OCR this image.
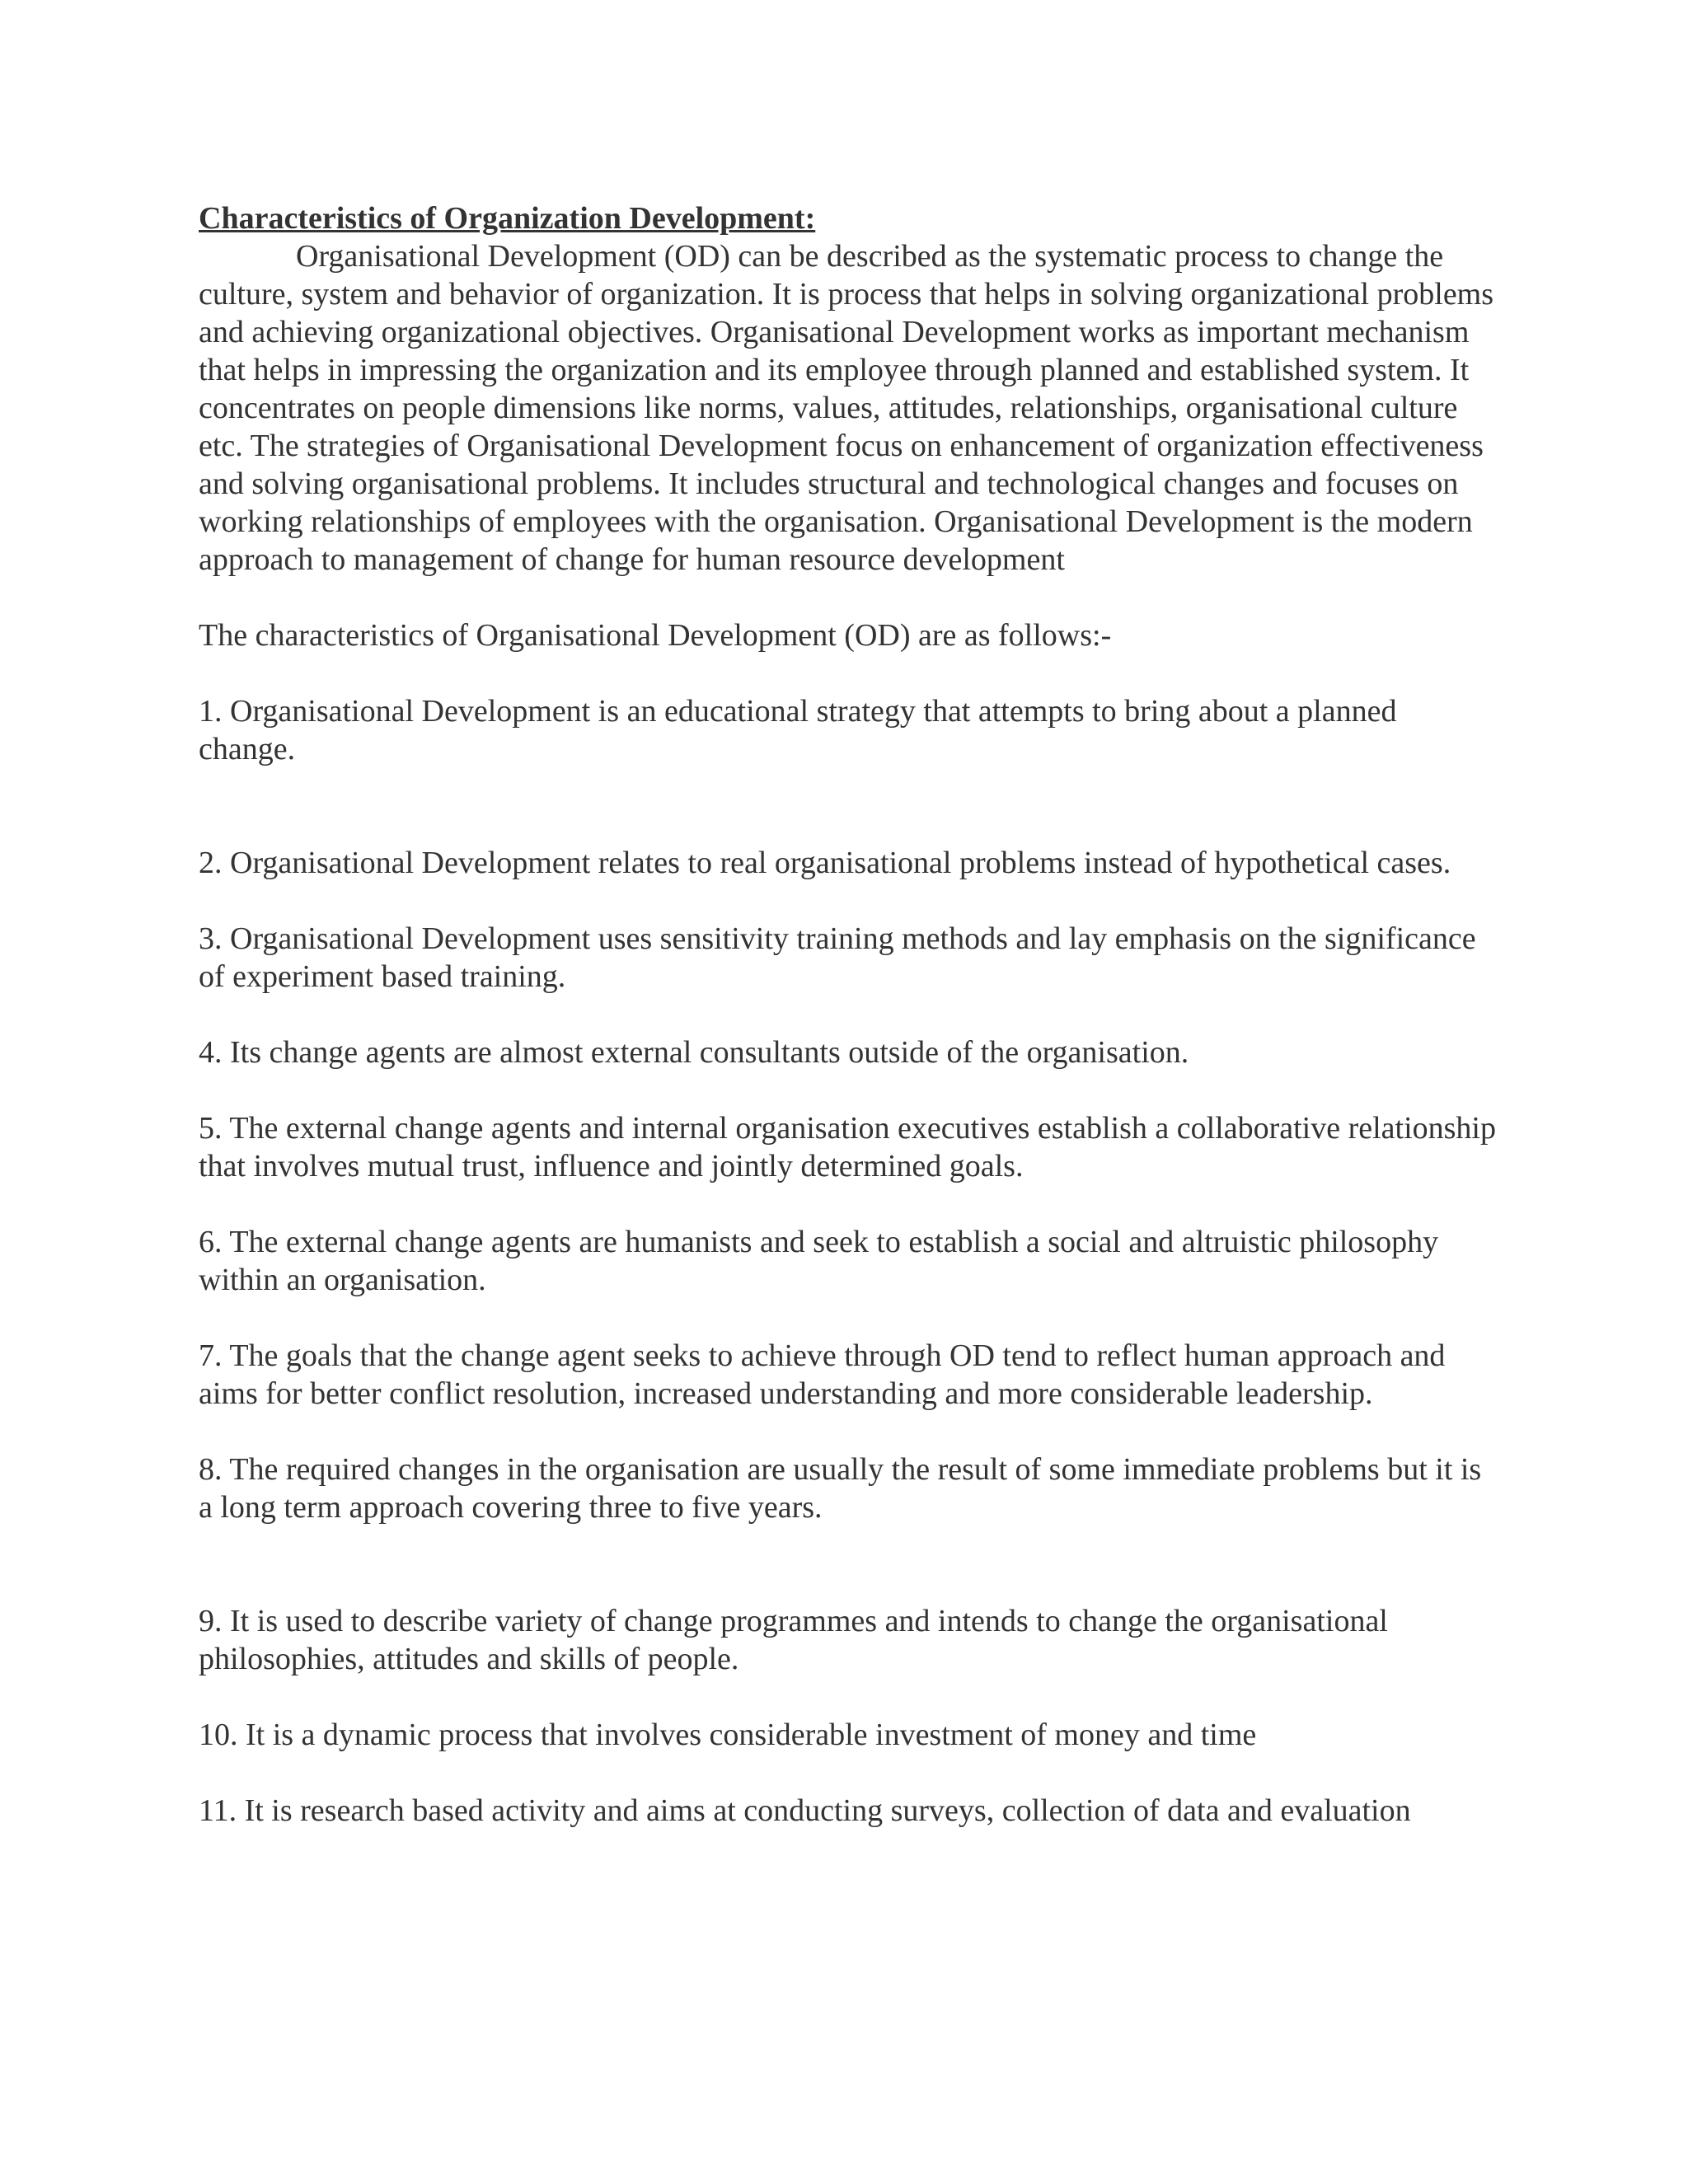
Characteristics of Organization Development:

Organisational Development (OD) can be described as the systematic process to change the culture, system and behavior of organization. It is process that helps in solving organizational problems and achieving organizational objectives. Organisational Development works as important mechanism that helps in impressing the organization and its employee through planned and established system. It concentrates on people dimensions like norms, values, attitudes, relationships, organisational culture etc. The strategies of Organisational Development focus on enhancement of organization effectiveness and solving organisational problems. It includes structural and technological changes and focuses on working relationships of employees with the organisation. Organisational Development is the modern approach to management of change for human resource development

The characteristics of Organisational Development (OD) are as follows:-

1. Organisational Development is an educational strategy that attempts to bring about a planned change.

2. Organisational Development relates to real organisational problems instead of hypothetical cases.

3. Organisational Development uses sensitivity training methods and lay emphasis on the significance of experiment based training.

4. Its change agents are almost external consultants outside of the organisation.

5. The external change agents and internal organisation executives establish a collaborative relationship that involves mutual trust, influence and jointly determined goals.

6. The external change agents are humanists and seek to establish a social and altruistic philosophy within an organisation.

7. The goals that the change agent seeks to achieve through OD tend to reflect human approach and aims for better conflict resolution, increased understanding and more considerable leadership.

8. The required changes in the organisation are usually the result of some immediate problems but it is a long term approach covering three to five years.

9. It is used to describe variety of change programmes and intends to change the organisational philosophies, attitudes and skills of people.

10. It is a dynamic process that involves considerable investment of money and time

11. It is research based activity and aims at conducting surveys, collection of data and evaluation
